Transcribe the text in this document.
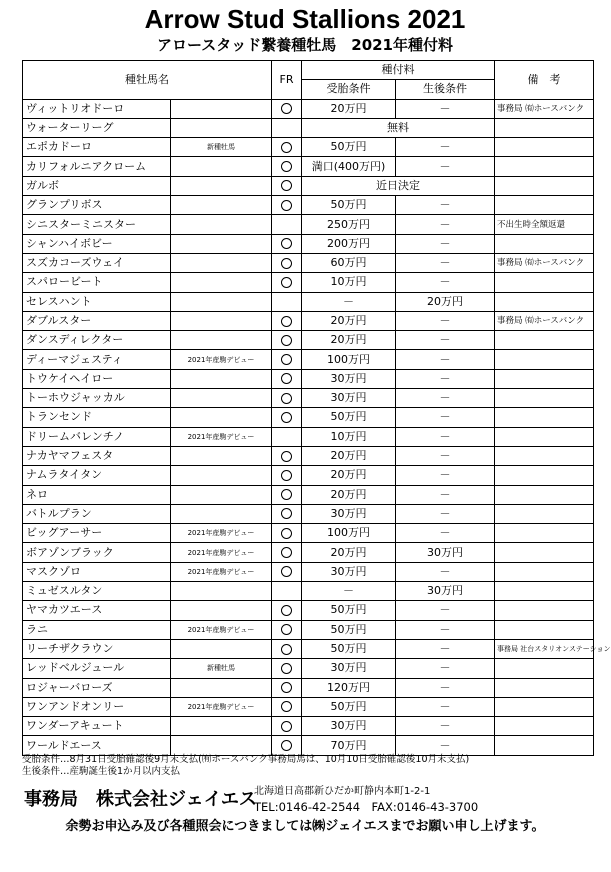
Arrow Stud Stallions 2021
アロースタッド繋養種牡馬　2021年種付料
種牡馬名		FR	種付料		備　考
			受胎条件	生後条件	
ヴィットリオドーロ			20万円	－	事務局 ㈲ホースバンク
ウォーターリーグ			無料		
エポカドーロ	新種牡馬		50万円	－	
カリフォルニアクローム			満口(400万円)	－	
ガルボ			近日決定		
グランプリボス			50万円	－	
シニスターミニスター			250万円	－	不出生時全額返還
シャンハイボビー			200万円	－	
スズカコーズウェイ			60万円	－	事務局 ㈲ホースバンク
スパロービート			10万円	－	
セレスハント			－	20万円	
ダブルスター			20万円	－	事務局 ㈲ホースバンク
ダンスディレクター			20万円	－	
ディーマジェスティ	2021年産駒デビュー		100万円	－	
トウケイヘイロー			30万円	－	
トーホウジャッカル			30万円	－	
トランセンド			50万円	－	
ドリームバレンチノ	2021年産駒デビュー		10万円	－	
ナカヤマフェスタ			20万円	－	
ナムラタイタン			20万円	－	
ネロ			20万円	－	
バトルプラン			30万円	－	
ビッグアーサー	2021年産駒デビュー		100万円	－	
ボアゾンブラック	2021年産駒デビュー		20万円	30万円	
マスクゾロ	2021年産駒デビュー		30万円	－	
ミュゼスルタン			－	30万円	
ヤマカツエース			50万円	－	
ラニ	2021年産駒デビュー		50万円	－	
リーチザクラウン			50万円	－	事務局 社台スタリオンステーション
レッドベルジュール	新種牡馬		30万円	－	
ロジャーバローズ			120万円	－	
ワンアンドオンリー	2021年産駒デビュー		50万円	－	
ワンダーアキュート			30万円	－	
ワールドエース			70万円	－	
受胎条件…8月31日受胎確認後9月末支払(㈲ホースバンク事務局馬は、10月10日受胎確認後10月末支払)
生後条件…産駒誕生後1か月以内支払
事務局　株式会社ジェイエス
北海道日高郡新ひだか町静内本町1-2-1
TEL:0146-42-2544　FAX:0146-43-3700
余勢お申込み及び各種照会につきましては㈱ジェイエスまでお願い申し上げます。
